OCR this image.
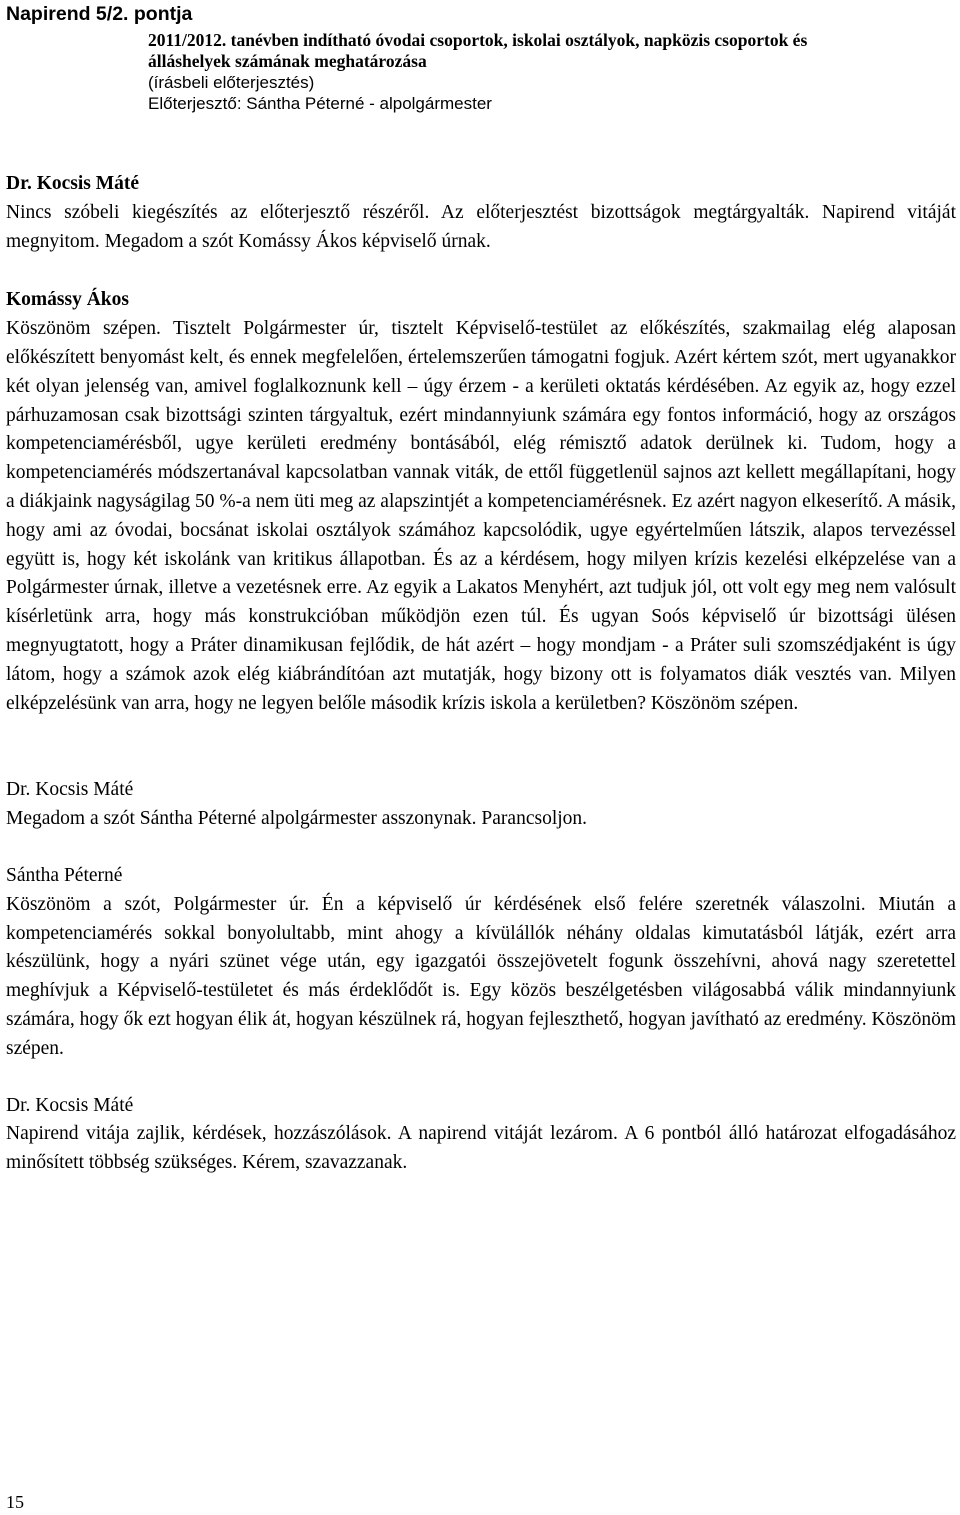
Napirend 5/2. pontja

2011/2012. tanévben indítható óvodai csoportok, iskolai osztályok, napközis csoportok és

álláshelyek számának meghatározása

(írásbeli előterjesztés)

Előterjesztő: Sántha Péterné - alpolgármester

Dr. Kocsis Máté

Nincs szóbeli kiegészítés az előterjesztő részéről. Az előterjesztést bizottságok megtárgyalták. Napirend vitáját megnyitom. Megadom a szót Komássy Ákos képviselő úrnak.

Komássy Ákos

Köszönöm szépen. Tisztelt Polgármester úr, tisztelt Képviselő-testület az előkészítés, szakmailag elég alaposan előkészített benyomást kelt, és ennek megfelelően, értelemszerűen támogatni fogjuk. Azért kértem szót, mert ugyanakkor két olyan jelenség van, amivel foglalkoznunk kell – úgy érzem - a kerületi oktatás kérdésében. Az egyik az, hogy ezzel párhuzamosan csak bizottsági szinten tárgyaltuk, ezért mindannyiunk számára egy fontos információ, hogy az országos kompetenciamérésből, ugye kerületi eredmény bontásából, elég rémisztő adatok derülnek ki. Tudom, hogy a kompetenciamérés módszertanával kapcsolatban vannak viták, de ettől függetlenül sajnos azt kellett megállapítani, hogy a diákjaink nagyságilag 50 %-a nem üti meg az alapszintjét a kompetenciamérésnek. Ez azért nagyon elkeserítő. A másik, hogy ami az óvodai, bocsánat iskolai osztályok számához kapcsolódik, ugye egyértelműen látszik, alapos tervezéssel együtt is, hogy két iskolánk van kritikus állapotban. És az a kérdésem, hogy milyen krízis kezelési elképzelése van a Polgármester úrnak, illetve a vezetésnek erre. Az egyik a Lakatos Menyhért, azt tudjuk jól, ott volt egy meg nem valósult kísérletünk arra, hogy más konstrukcióban működjön ezen túl. És ugyan Soós képviselő úr bizottsági ülésen megnyugtatott, hogy a Práter dinamikusan fejlődik, de hát azért – hogy mondjam - a Práter suli szomszédjaként is úgy látom, hogy a számok azok elég kiábrándítóan azt mutatják, hogy bizony ott is folyamatos diák vesztés van. Milyen elképzelésünk van arra, hogy ne legyen belőle második krízis iskola a kerületben? Köszönöm szépen.

Dr. Kocsis Máté

Megadom a szót Sántha Péterné alpolgármester asszonynak. Parancsoljon.

Sántha Péterné

Köszönöm a szót, Polgármester úr. Én a képviselő úr kérdésének első felére szeretnék válaszolni. Miután a kompetenciamérés sokkal bonyolultabb, mint ahogy a kívülállók néhány oldalas kimutatásból látják, ezért arra készülünk, hogy a nyári szünet vége után, egy igazgatói összejövetelt fogunk összehívni, ahová nagy szeretettel meghívjuk a Képviselő-testületet és más érdeklődőt is. Egy közös beszélgetésben világosabbá válik mindannyiunk számára, hogy ők ezt hogyan élik át, hogyan készülnek rá, hogyan fejleszthető, hogyan javítható az eredmény. Köszönöm szépen.

Dr. Kocsis Máté

Napirend vitája zajlik, kérdések, hozzászólások. A napirend vitáját lezárom. A 6 pontból álló határozat elfogadásához minősített többség szükséges. Kérem, szavazzanak.

15
